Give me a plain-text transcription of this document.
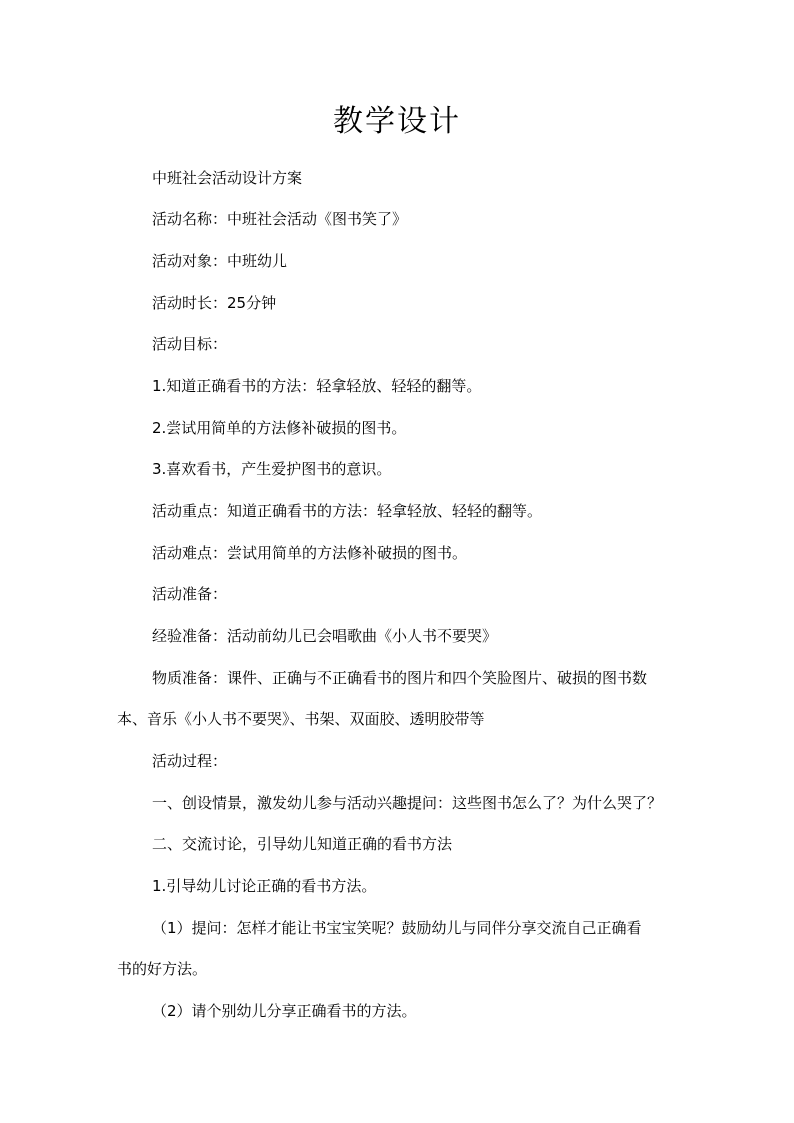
教学设计

中班社会活动设计方案

活动名称：中班社会活动《图书笑了》

活动对象：中班幼儿

活动时长：25分钟

活动目标：

1.知道正确看书的方法：轻拿轻放、轻轻的翻等。

2.尝试用简单的方法修补破损的图书。

3.喜欢看书，产生爱护图书的意识。

活动重点：知道正确看书的方法：轻拿轻放、轻轻的翻等。

活动难点：尝试用简单的方法修补破损的图书。

活动准备：

经验准备：活动前幼儿已会唱歌曲《小人书不要哭》

物质准备：课件、正确与不正确看书的图片和四个笑脸图片、破损的图书数

本、音乐《小人书不要哭》、书架、双面胶、透明胶带等

活动过程：

一、创设情景，激发幼儿参与活动兴趣提问：这些图书怎么了？为什么哭了？

二、交流讨论，引导幼儿知道正确的看书方法

1.引导幼儿讨论正确的看书方法。

（1）提问：怎样才能让书宝宝笑呢？鼓励幼儿与同伴分享交流自己正确看

书的好方法。

（2）请个别幼儿分享正确看书的方法。
